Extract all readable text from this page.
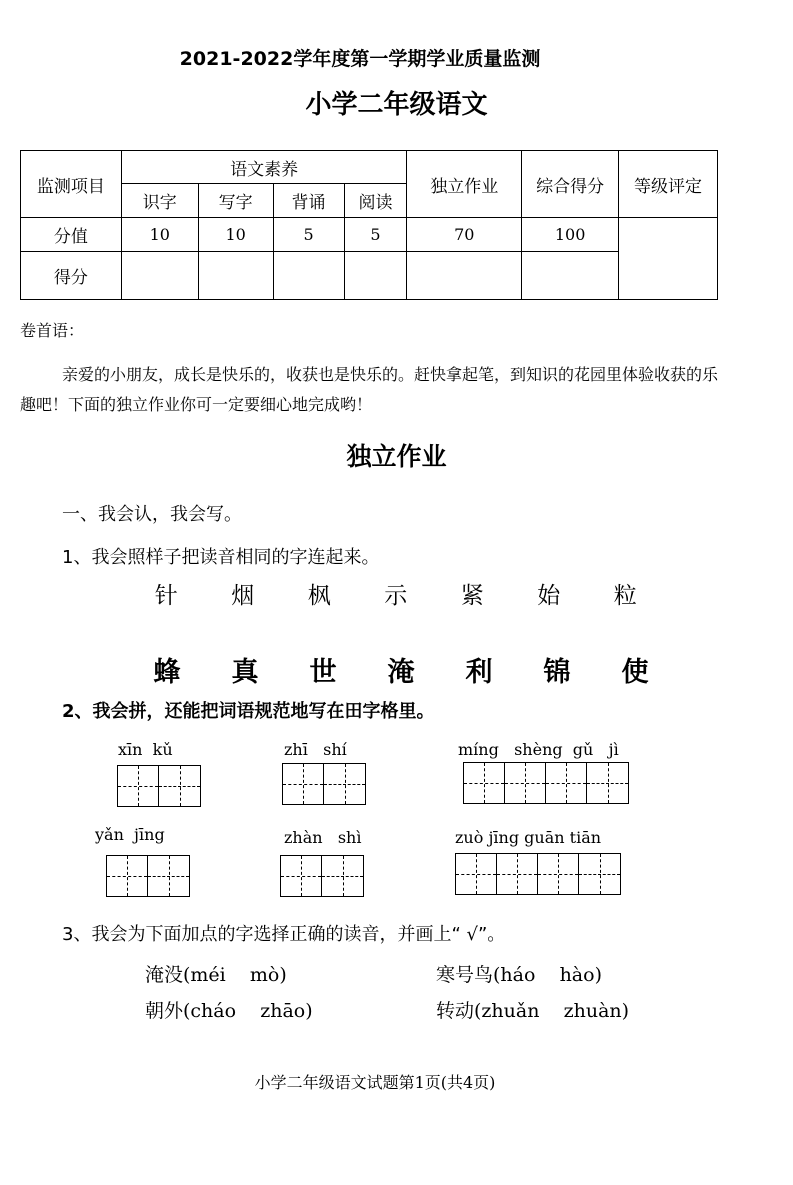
2021-2022学年度第一学期学业质量监测
小学二年级语文
监测项目	语文素养				独立作业	综合得分	等级评定
	识字	写字	背诵	阅读			
分值	10	10	5	5	70	100	
得分							
卷首语：
亲爱的小朋友，成长是快乐的，收获也是快乐的。赶快拿起笔，到知识的花园里体验收获的乐趣吧！下面的独立作业你可一定要细心地完成哟！
独立作业
一、我会认，我会写。
1、我会照样子把读音相同的字连起来。
针	烟	枫	示	紧	始	粒
蜂	真	世	淹	利	锦	使
2、我会拼，还能把词语规范地写在田字格里。
xīn  kǔ	zhī   shí	míng   shèng  gǔ   jì
yǎn  jīng	zhàn   shì	zuò jīng guān tiān
3、我会为下面加点的字选择正确的读音，并画上“ √”。
淹没(méi    mò)	寒号鸟(háo    hào)
朝外(cháo    zhāo)	转动(zhuǎn    zhuàn)
小学二年级语文试题第1页(共4页)
